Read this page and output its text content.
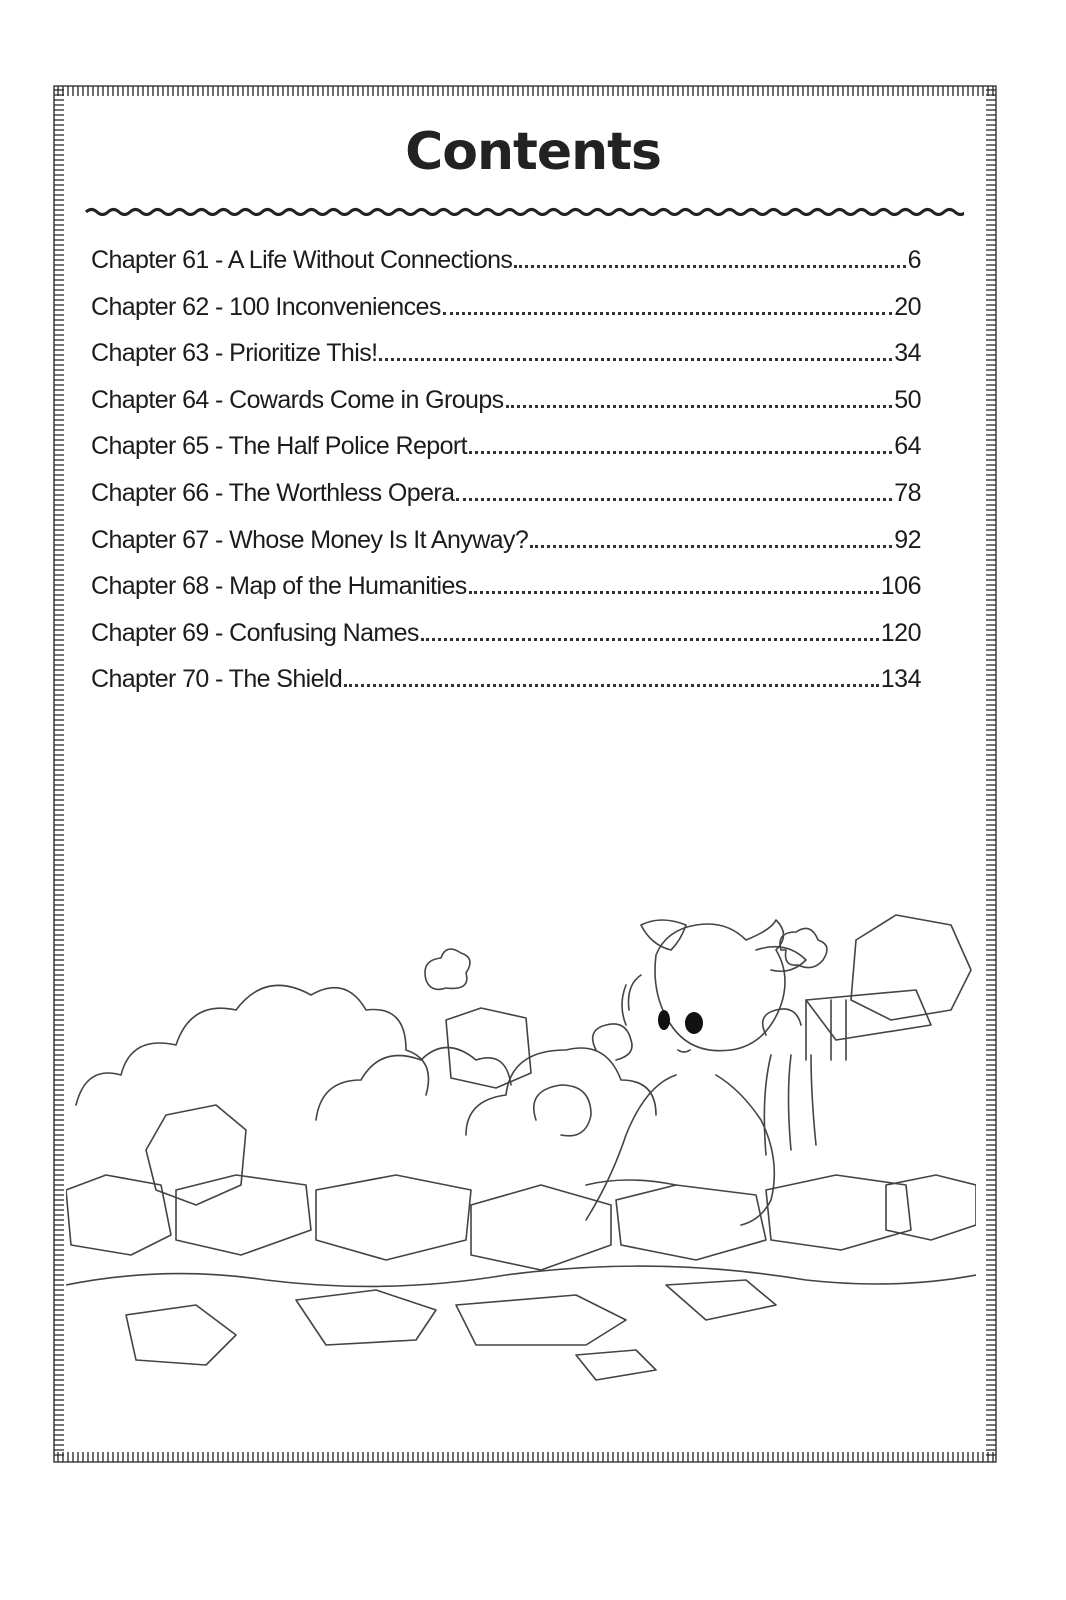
Contents
Chapter 61 - A Life Without Connections	6
Chapter 62 - 100 Inconveniences	20
Chapter 63 - Prioritize This!	34
Chapter 64 - Cowards Come in Groups	50
Chapter 65 - The Half Police Report	64
Chapter 66 - The Worthless Opera	78
Chapter 67 - Whose Money Is It Anyway?	92
Chapter 68 - Map of the Humanities	106
Chapter 69 - Confusing Names	120
Chapter 70 - The Shield	134
